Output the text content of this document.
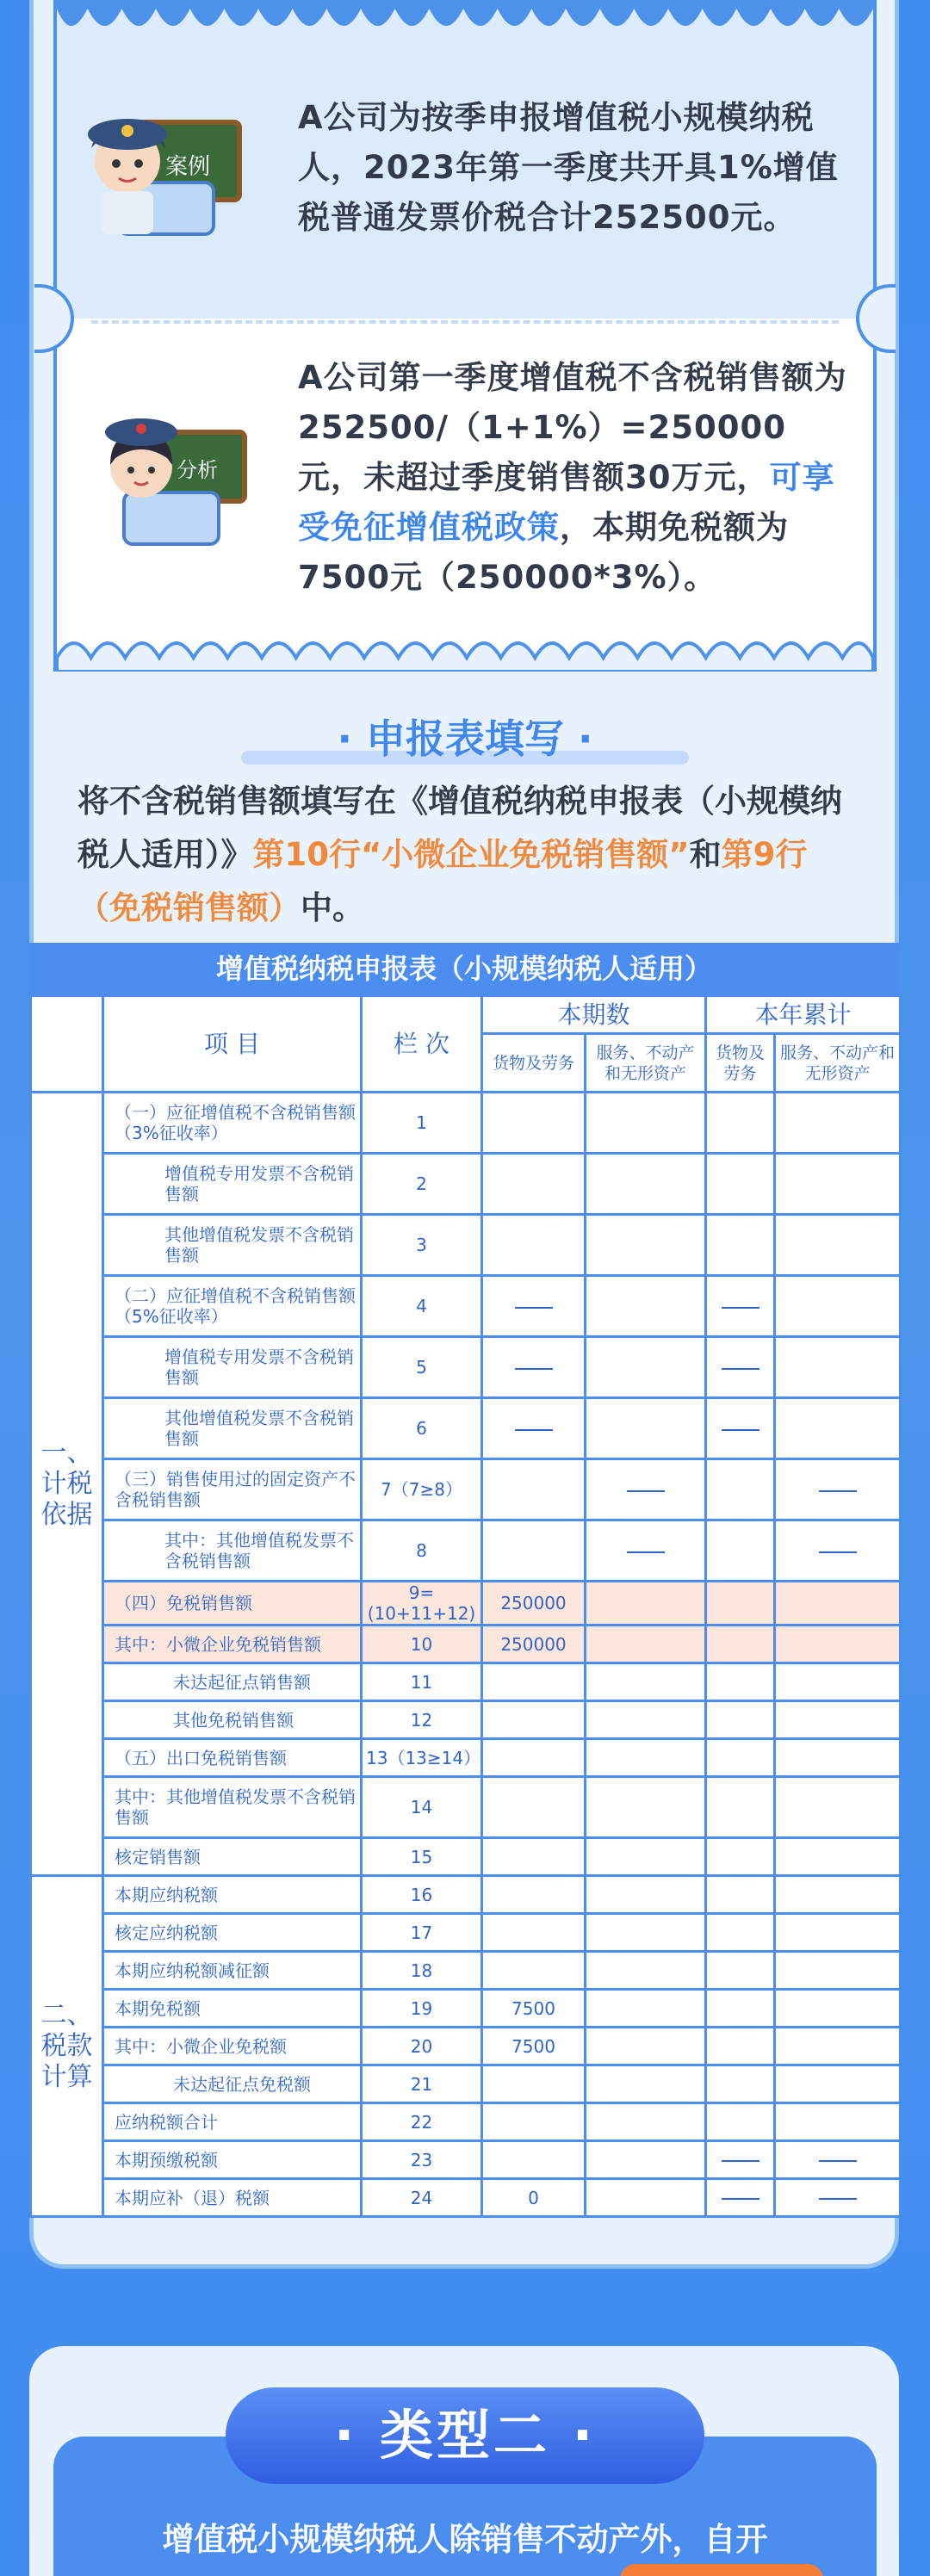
案例
A公司为按季申报增值税小规模纳税人，2023年第一季度共开具1%增值税普通发票价税合计252500元。
分析
A公司第一季度增值税不含税销售额为252500/（1+1%）=250000元，未超过季度销售额30万元，可享受免征增值税政策，本期免税额为7500元（250000*3%）。
· 申报表填写 ·
将不含税销售额填写在《增值税纳税申报表（小规模纳税人适用）》第10行“小微企业免税销售额”和第9行（免税销售额）中。
增值税纳税申报表（小规模纳税人适用）
	项 目	栏 次	本期数		本年累计	
			货物及劳务	服务、不动产和无形资产	货物及劳务	服务、不动产和无形资产
一、计税依据	（一）应征增值税不含税销售额（3%征收率）	1				
	增值税专用发票不含税销售额	2				
	其他增值税发票不含税销售额	3				
	（二）应征增值税不含税销售额（5%征收率）	4				
	增值税专用发票不含税销售额	5				
	其他增值税发票不含税销售额	6				
	（三）销售使用过的固定资产不含税销售额	7（7≥8）				
	其中：其他增值税发票不含税销售额	8				
	（四）免税销售额	9=(10+11+12)	250000			
	其中：小微企业免税销售额	10	250000			
	未达起征点销售额	11				
	其他免税销售额	12				
	（五）出口免税销售额	13（13≥14）				
	其中：其他增值税发票不含税销售额	14				
	核定销售额	15				
二、税款计算	本期应纳税额	16				
	核定应纳税额	17				
	本期应纳税额减征额	18				
	本期免税额	19	7500			
	其中：小微企业免税额	20	7500			
	未达起征点免税额	21				
	应纳税额合计	22				
	本期预缴税额	23				
	本期应补（退）税额	24	0			
· 类型二 ·
增值税小规模纳税人除销售不动产外，自开
